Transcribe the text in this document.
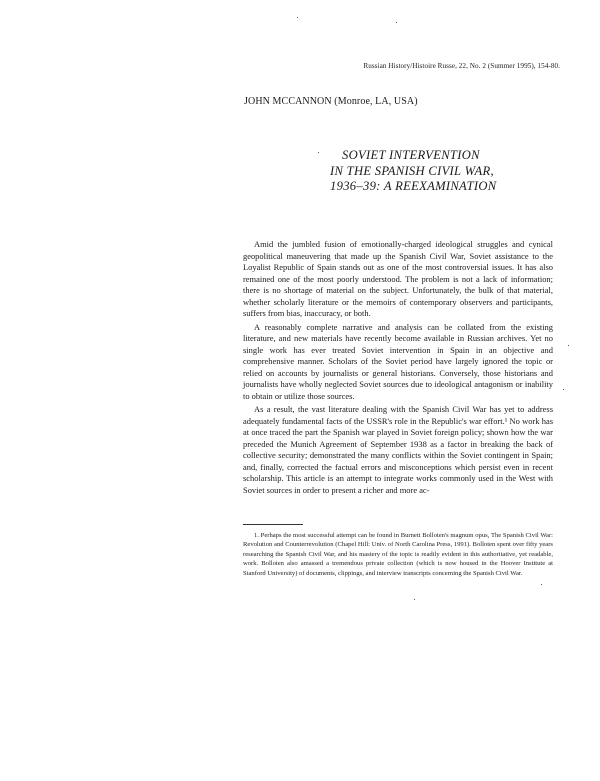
Russian History/Histoire Russe, 22, No. 2 (Summer 1995), 154-80.
JOHN MCCANNON (Monroe, LA, USA)
SOVIET INTERVENTION
IN THE SPANISH CIVIL WAR,
1936–39: A REEXAMINATION

Amid the jumbled fusion of emotionally-charged ideological struggles and cynical geopolitical maneuvering that made up the Spanish Civil War, Soviet assistance to the Loyalist Republic of Spain stands out as one of the most controversial issues. It has also remained one of the most poorly understood. The problem is not a lack of information; there is no shortage of material on the subject. Unfortunately, the bulk of that material, whether scholarly literature or the memoirs of contemporary observers and participants, suffers from bias, inaccuracy, or both.

A reasonably complete narrative and analysis can be collated from the existing literature, and new materials have recently become available in Russian archives. Yet no single work has ever treated Soviet intervention in Spain in an objective and comprehensive manner. Scholars of the Soviet period have largely ignored the topic or relied on accounts by journalists or general historians. Conversely, those historians and journalists have wholly neglected Soviet sources due to ideological antagonism or inability to obtain or utilize those sources.

As a result, the vast literature dealing with the Spanish Civil War has yet to address adequately fundamental facts of the USSR's role in the Republic's war effort.¹ No work has at once traced the part the Spanish war played in Soviet foreign policy; shown how the war preceded the Munich Agreement of September 1938 as a factor in breaking the back of collective security; demonstrated the many conflicts within the Soviet contingent in Spain; and, finally, corrected the factual errors and misconceptions which persist even in recent scholarship. This article is an attempt to integrate works commonly used in the West with Soviet sources in order to present a richer and more ac-

1. Perhaps the most successful attempt can be found in Burnett Bolloten's magnum opus, The Spanish Civil War: Revolution and Counterrevolution (Chapel Hill: Univ. of North Carolina Press, 1991). Bolloten spent over fifty years researching the Spanish Civil War, and his mastery of the topic is readily evident in this authoritative, yet readable, work. Bolloten also amassed a tremendous private collection (which is now housed in the Hoover Institute at Stanford University) of documents, clippings, and interview transcripts concerning the Spanish Civil War.
